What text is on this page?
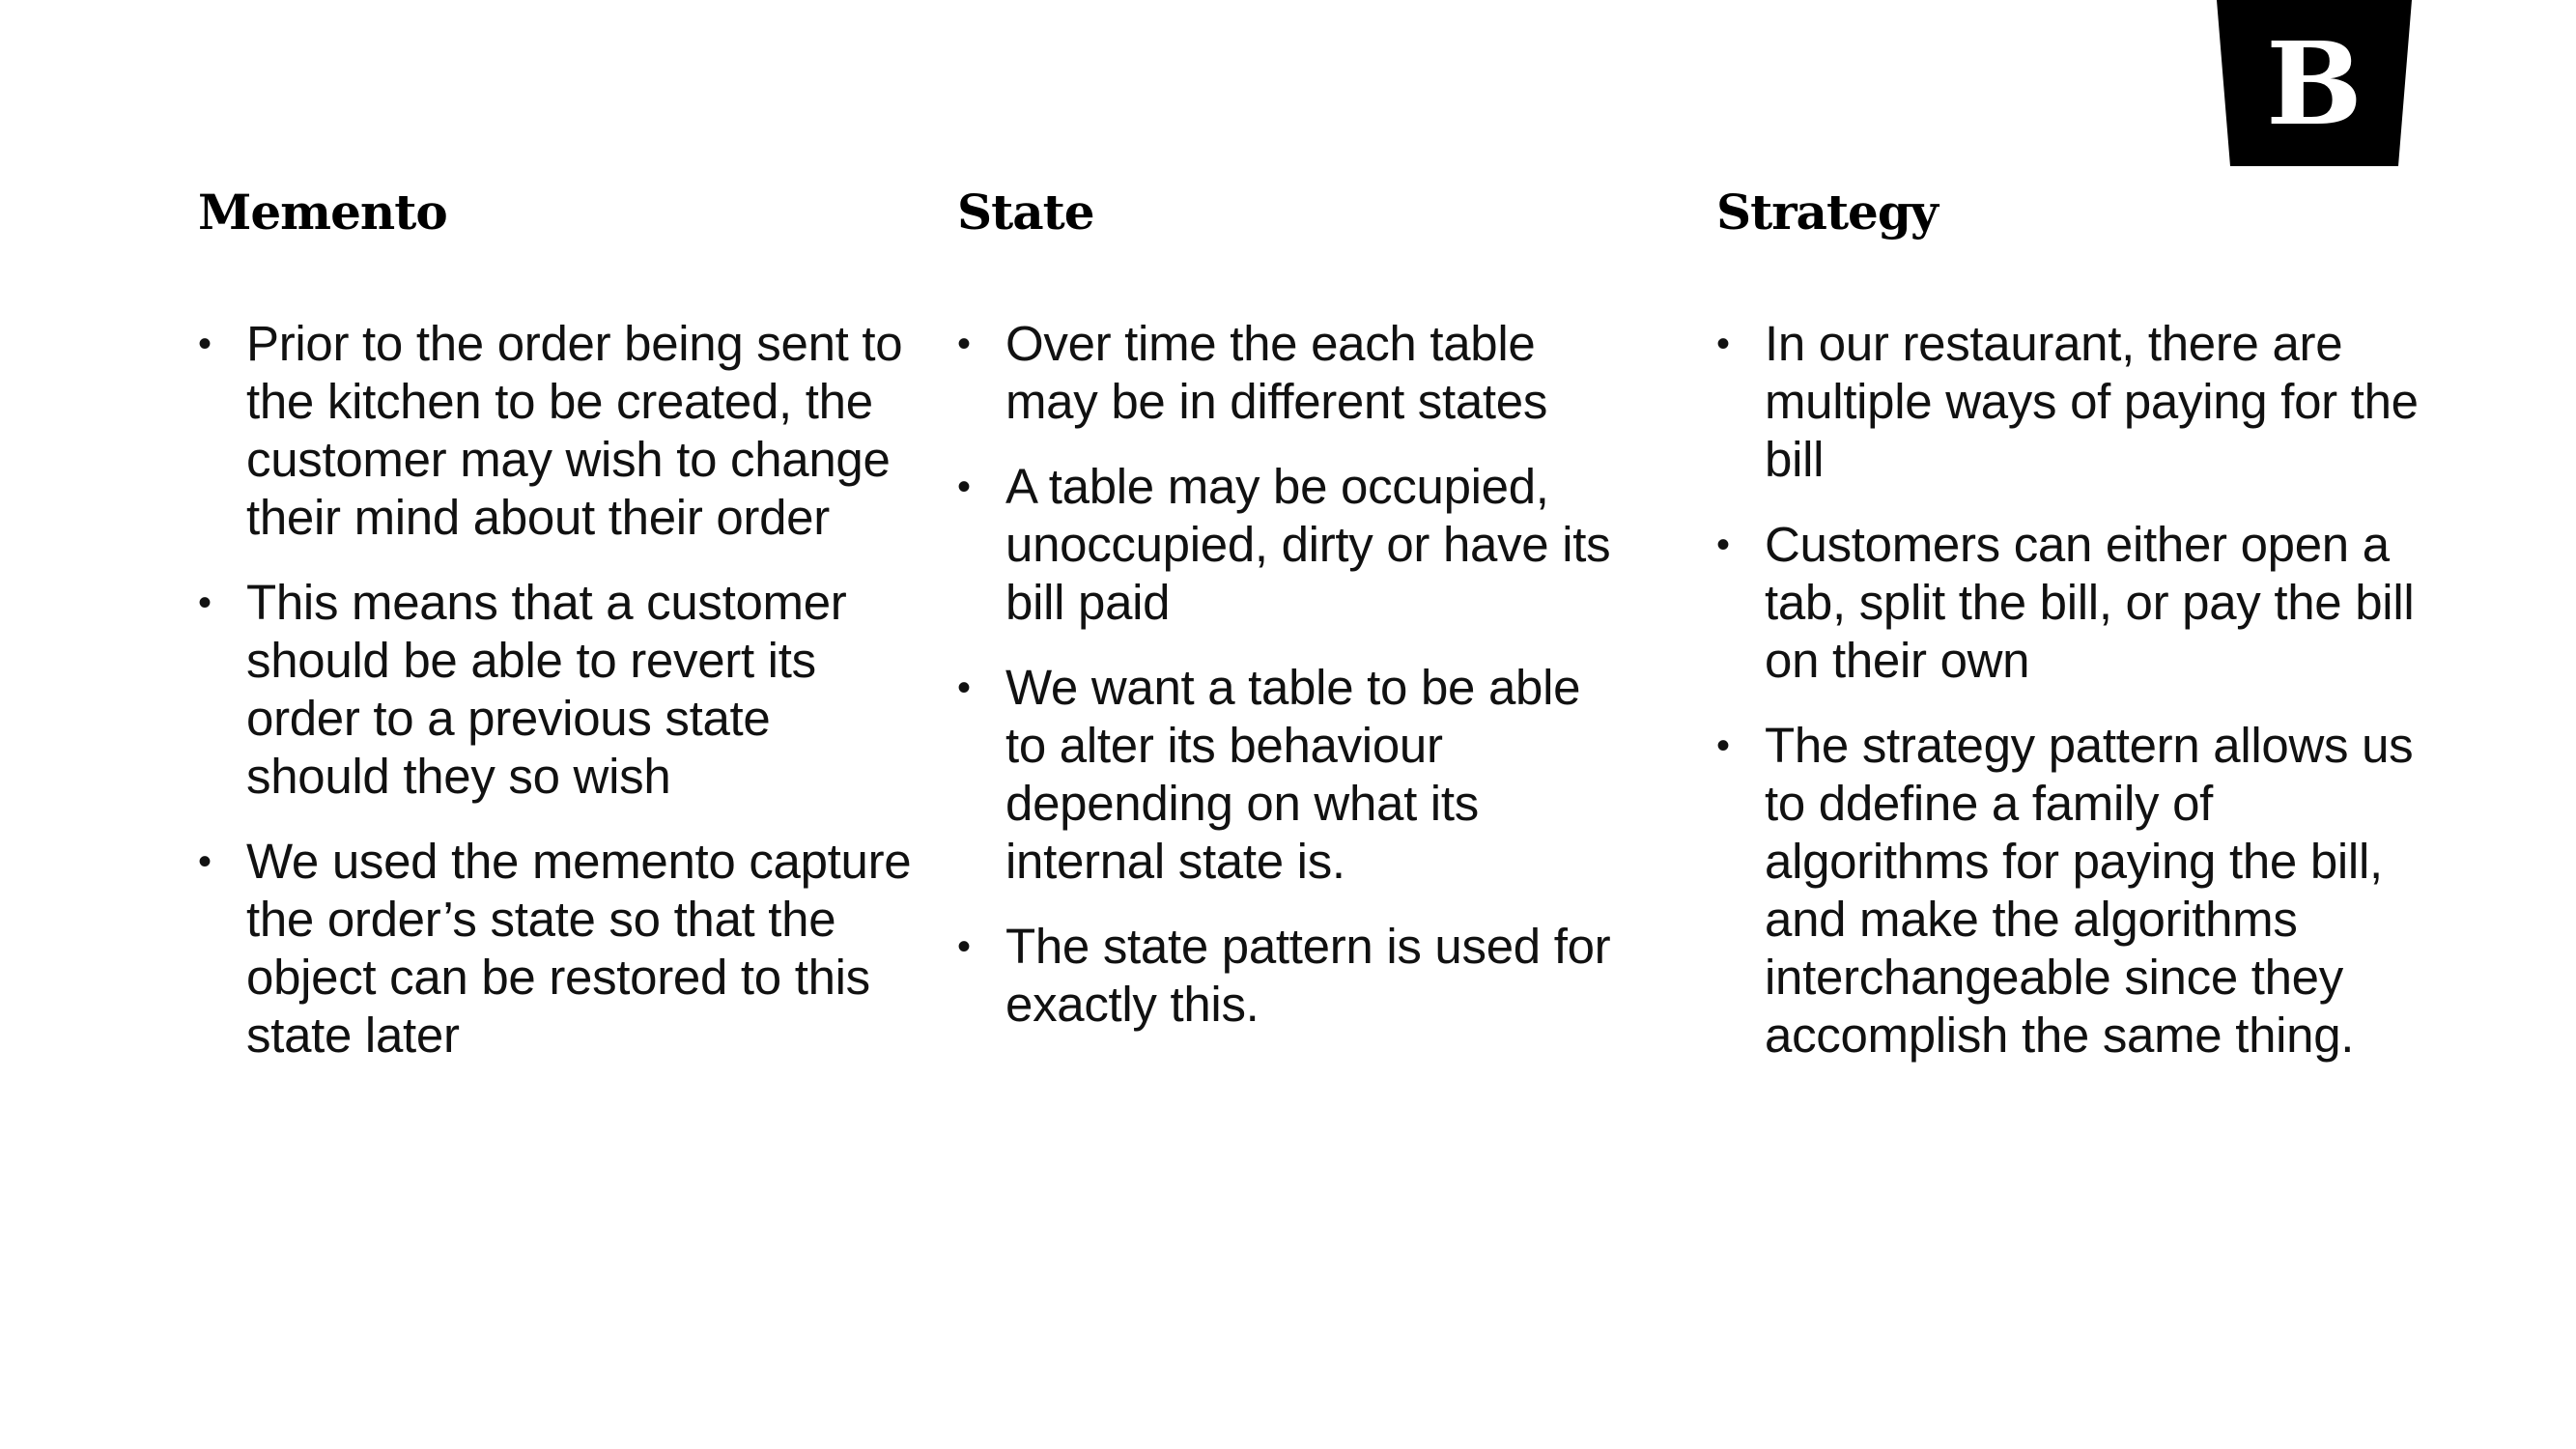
B
Memento
• Prior to the order being sent to the kitchen to be created, the customer may wish to change their mind about their order
• This means that a customer should be able to revert its order to a previous state should they so wish
• We used the memento capture the order’s state so that the object can be restored to this state later
State
• Over time the each table may be in different states
• A table may be occupied, unoccupied, dirty or have its bill paid
• We want a table to be able to alter its behaviour depending on what its internal state is.
• The state pattern is used for exactly this.
Strategy
• In our restaurant, there are multiple ways of paying for the bill
• Customers can either open a tab, split the bill, or pay the bill on their own
• The strategy pattern allows us to ddefine a family of algorithms for paying the bill, and make the algorithms interchangeable since they accomplish the same thing.
